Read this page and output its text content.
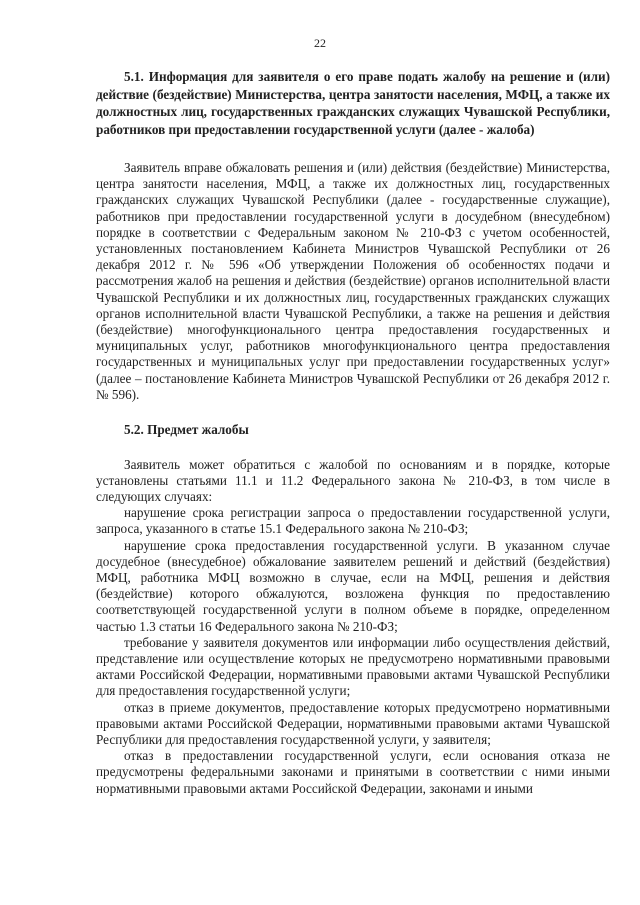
22

5.1. Информация для заявителя о его праве подать жалобу на решение и (или) действие (бездействие) Министерства, центра занятости населения, МФЦ, а также их должностных лиц, государственных гражданских служащих Чувашской Республики, работников при предоставлении государственной услуги (далее - жалоба)

Заявитель вправе обжаловать решения и (или) действия (бездействие) Министерства, центра занятости населения, МФЦ, а также их должностных лиц, государственных гражданских служащих Чувашской Республики (далее - государственные служащие), работников при предоставлении государственной услуги в досудебном (внесудебном) порядке в соответствии с Федеральным законом № 210-ФЗ с учетом особенностей, установленных постановлением Кабинета Министров Чувашской Республики от 26 декабря 2012 г. № 596 «Об утверждении Положения об особенностях подачи и рассмотрения жалоб на решения и действия (бездействие) органов исполнительной власти Чувашской Республики и их должностных лиц, государственных гражданских служащих органов исполнительной власти Чувашской Республики, а также на решения и действия (бездействие) многофункционального центра предоставления государственных и муниципальных услуг, работников многофункционального центра предоставления государственных и муниципальных услуг при предоставлении государственных услуг» (далее – постановление Кабинета Министров Чувашской Республики от 26 декабря 2012 г. № 596).

5.2. Предмет жалобы

Заявитель может обратиться с жалобой по основаниям и в порядке, которые установлены статьями 11.1 и 11.2 Федерального закона № 210-ФЗ, в том числе в следующих случаях:

нарушение срока регистрации запроса о предоставлении государственной услуги, запроса, указанного в статье 15.1 Федерального закона № 210-ФЗ;

нарушение срока предоставления государственной услуги. В указанном случае досудебное (внесудебное) обжалование заявителем решений и действий (бездействия) МФЦ, работника МФЦ возможно в случае, если на МФЦ, решения и действия (бездействие) которого обжалуются, возложена функция по предоставлению соответствующей государственной услуги в полном объеме в порядке, определенном частью 1.3 статьи 16 Федерального закона № 210-ФЗ;

требование у заявителя документов или информации либо осуществления действий, представление или осуществление которых не предусмотрено нормативными правовыми актами Российской Федерации, нормативными правовыми актами Чувашской Республики для предоставления государственной услуги;

отказ в приеме документов, предоставление которых предусмотрено нормативными правовыми актами Российской Федерации, нормативными правовыми актами Чувашской Республики для предоставления государственной услуги, у заявителя;

отказ в предоставлении государственной услуги, если основания отказа не предусмотрены федеральными законами и принятыми в соответствии с ними иными нормативными правовыми актами Российской Федерации, законами и иными
